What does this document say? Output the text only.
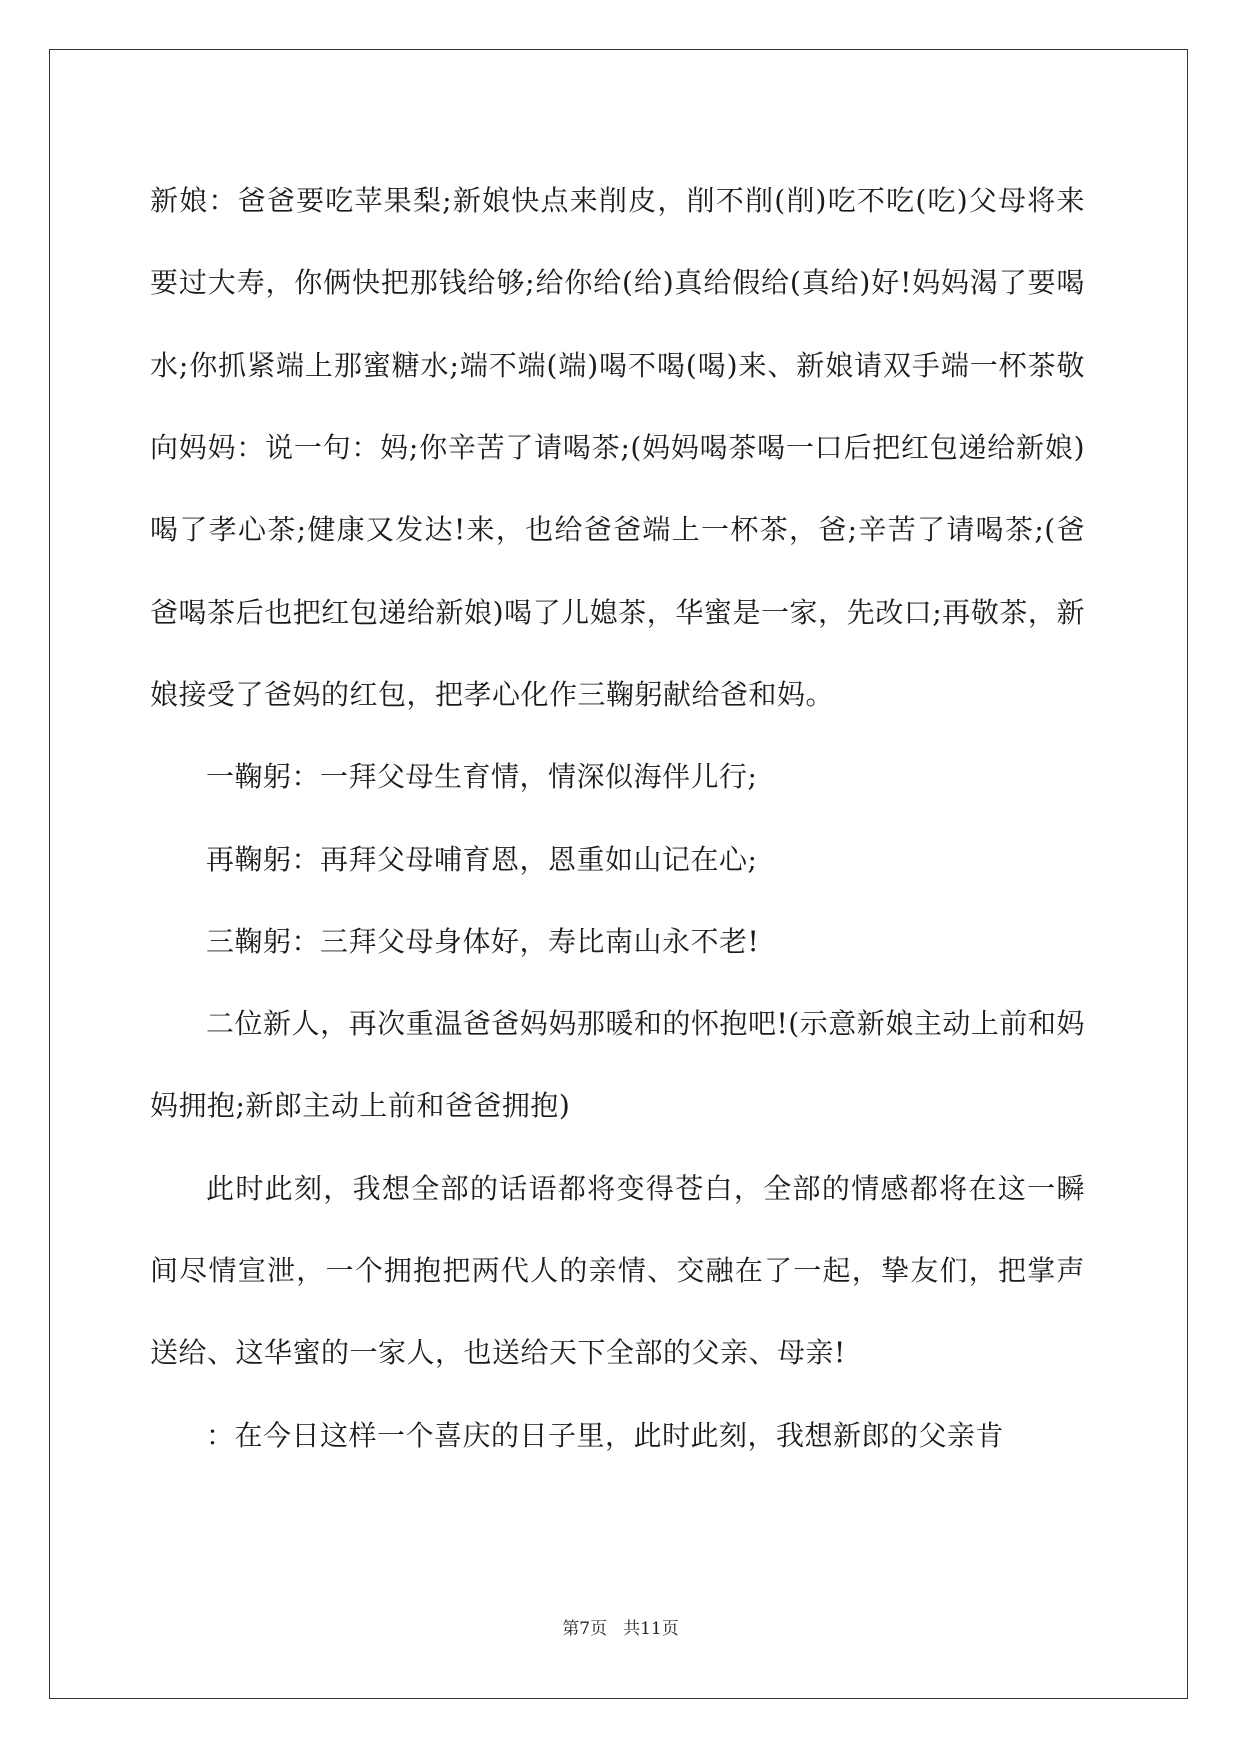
新娘：爸爸要吃苹果梨;新娘快点来削皮，削不削(削)吃不吃(吃)父母将来要过大寿，你俩快把那钱给够;给你给(给)真给假给(真给)好!妈妈渴了要喝水;你抓紧端上那蜜糖水;端不端(端)喝不喝(喝)来、新娘请双手端一杯茶敬向妈妈：说一句：妈;你辛苦了请喝茶;(妈妈喝茶喝一口后把红包递给新娘)喝了孝心茶;健康又发达!来，也给爸爸端上一杯茶，爸;辛苦了请喝茶;(爸爸喝茶后也把红包递给新娘)喝了儿媳茶，华蜜是一家，先改口;再敬茶，新娘接受了爸妈的红包，把孝心化作三鞠躬献给爸和妈。

一鞠躬：一拜父母生育情，情深似海伴儿行;

再鞠躬：再拜父母哺育恩，恩重如山记在心;

三鞠躬：三拜父母身体好，寿比南山永不老!

二位新人，再次重温爸爸妈妈那暖和的怀抱吧!(示意新娘主动上前和妈妈拥抱;新郎主动上前和爸爸拥抱)

此时此刻，我想全部的话语都将变得苍白，全部的情感都将在这一瞬间尽情宣泄，一个拥抱把两代人的亲情、交融在了一起，挚友们，把掌声送给、这华蜜的一家人，也送给天下全部的父亲、母亲!

：在今日这样一个喜庆的日子里，此时此刻，我想新郎的父亲肯

第7页 共11页
